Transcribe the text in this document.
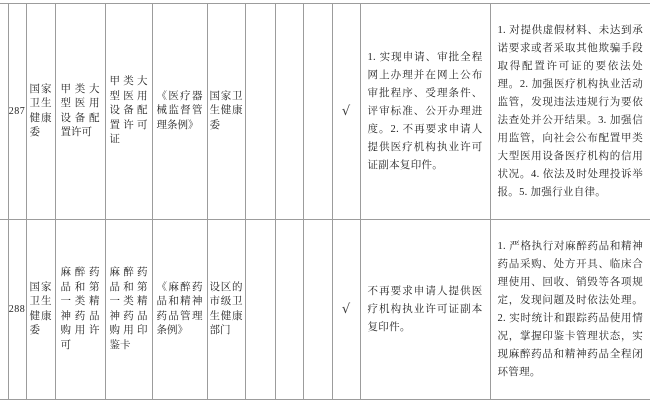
	287	国家卫生健康委	甲类大型医用设备配置许可	甲类大型医用设备配置许可证	《医疗器械监督管理条例》	国家卫生健康委				√	1. 实现申请、审批全程网上办理并在网上公布审批程序、受理条件、评审标准、公开办理进度。2. 不再要求申请人提供医疗机构执业许可证副本复印件。	1. 对提供虚假材料、未达到承诺要求或者采取其他欺骗手段取得配置许可证的要依法处理。2. 加强医疗机构执业活动监管，发现违法违规行为要依法查处并公开结果。3. 加强信用监管，向社会公布配置甲类大型医用设备医疗机构的信用状况。4. 依法及时处理投诉举报。5. 加强行业自律。
	288	国家卫生健康委	麻醉药品和第一类精神药品购用许可	麻醉药品和第一类精神药品购用印鉴卡	《麻醉药品和精神药品管理条例》	设区的市级卫生健康部门				√	不再要求申请人提供医疗机构执业许可证副本复印件。	1. 严格执行对麻醉药品和精神药品采购、处方开具、临床合理使用、回收、销毁等各项规定，发现问题及时依法处理。2. 实时统计和跟踪药品使用情况，掌握印鉴卡管理状态，实现麻醉药品和精神药品全程闭环管理。
